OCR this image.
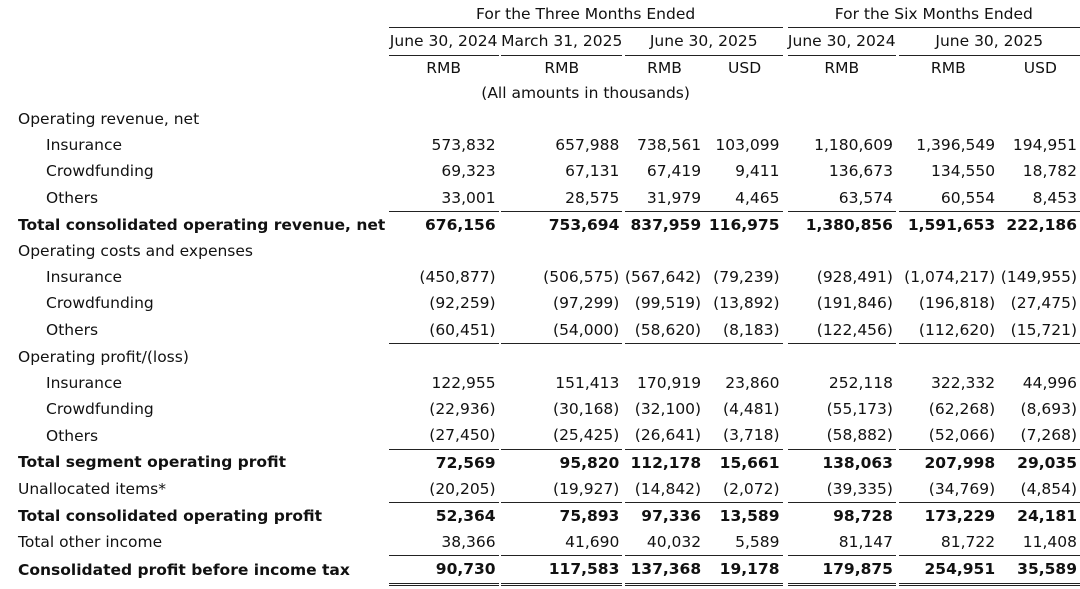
		For the Three Months Ended								For the Six Months Ended				
		June 30, 2024		March 31, 2025		June 30, 2025				June 30, 2024		June 30, 2025		
		RMB		RMB		RMB		USD		RMB		RMB		USD
		(All amounts in thousands)												
Operating revenue, net														
Insurance		573,832		657,988		738,561		103,099		1,180,609		1,396,549		194,951
Crowdfunding		69,323		67,131		67,419		9,411		136,673		134,550		18,782
Others		33,001		28,575		31,979		4,465		63,574		60,554		8,453
Total consolidated operating revenue, net		676,156		753,694		837,959		116,975		1,380,856		1,591,653		222,186
Operating costs and expenses														
Insurance		(450,877)		(506,575)		(567,642)		(79,239)		(928,491)		(1,074,217)		(149,955)
Crowdfunding		(92,259)		(97,299)		(99,519)		(13,892)		(191,846)		(196,818)		(27,475)
Others		(60,451)		(54,000)		(58,620)		(8,183)		(122,456)		(112,620)		(15,721)
Operating profit/(loss)														
Insurance		122,955		151,413		170,919		23,860		252,118		322,332		44,996
Crowdfunding		(22,936)		(30,168)		(32,100)		(4,481)		(55,173)		(62,268)		(8,693)
Others		(27,450)		(25,425)		(26,641)		(3,718)		(58,882)		(52,066)		(7,268)
Total segment operating profit		72,569		95,820		112,178		15,661		138,063		207,998		29,035
Unallocated items*		(20,205)		(19,927)		(14,842)		(2,072)		(39,335)		(34,769)		(4,854)
Total consolidated operating profit		52,364		75,893		97,336		13,589		98,728		173,229		24,181
Total other income		38,366		41,690		40,032		5,589		81,147		81,722		11,408
Consolidated profit before income tax		90,730		117,583		137,368		19,178		179,875		254,951		35,589
